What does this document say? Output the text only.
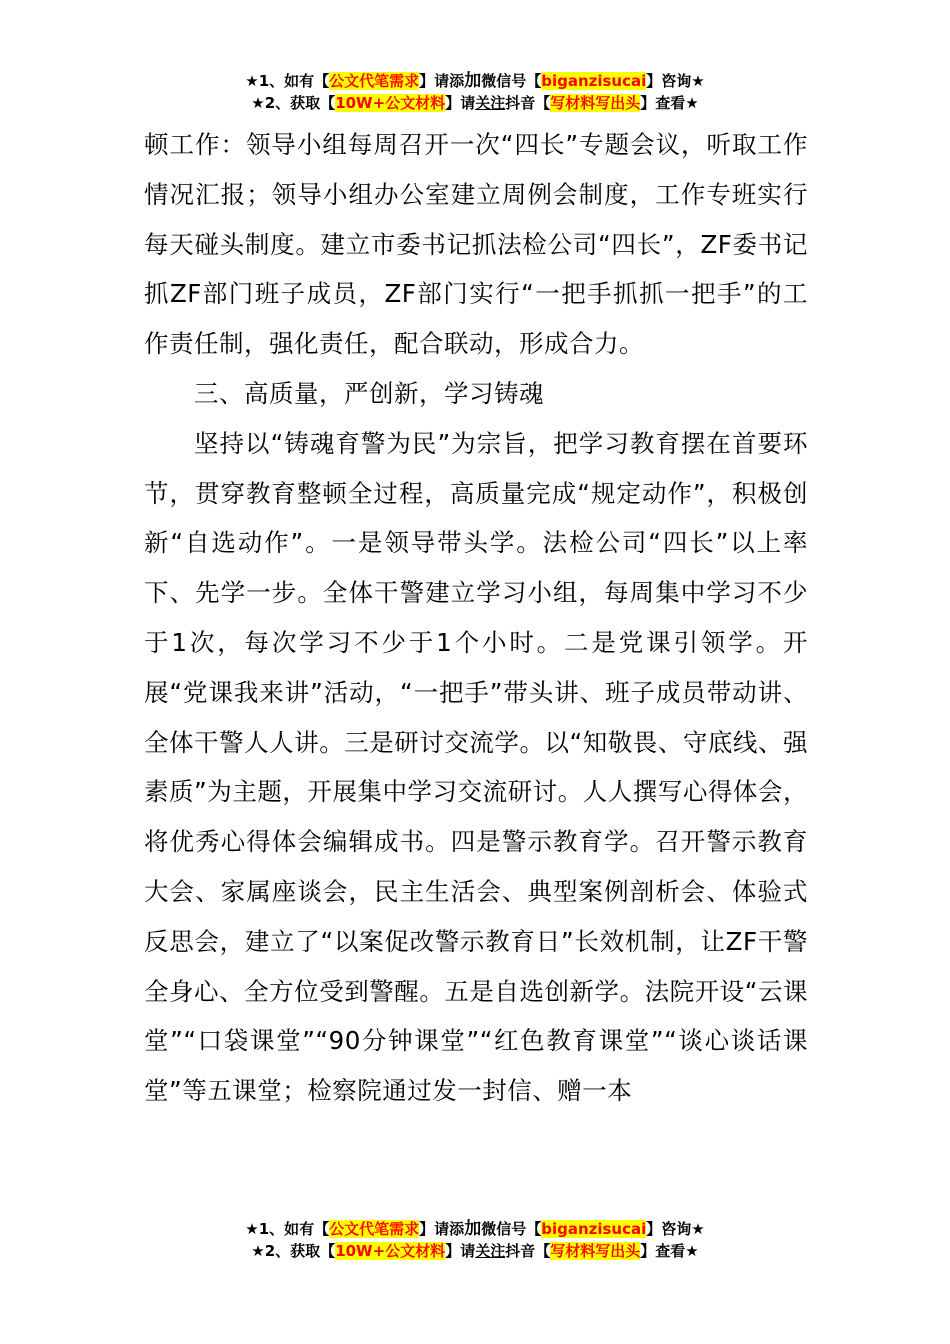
★1、如有【公文代笔需求】请添加微信号【biganzisucai】咨询★
★2、获取【10W+公文材料】请关注抖音【写材料写出头】查看★

顿工作：领导小组每周召开一次“四长”专题会议，听取工作情况汇报；领导小组办公室建立周例会制度，工作专班实行每天碰头制度。建立市委书记抓法检公司“四长”，ZF委书记抓ZF部门班子成员，ZF部门实行“一把手抓抓一把手”的工作责任制，强化责任，配合联动，形成合力。

三、高质量，严创新，学习铸魂

坚持以“铸魂育警为民”为宗旨，把学习教育摆在首要环节，贯穿教育整顿全过程，高质量完成“规定动作”，积极创新“自选动作”。一是领导带头学。法检公司“四长”以上率下、先学一步。全体干警建立学习小组，每周集中学习不少于1次，每次学习不少于1个小时。二是党课引领学。开展“党课我来讲”活动，“一把手”带头讲、班子成员带动讲、全体干警人人讲。三是研讨交流学。以“知敬畏、守底线、强素质”为主题，开展集中学习交流研讨。人人撰写心得体会，将优秀心得体会编辑成书。四是警示教育学。召开警示教育大会、家属座谈会，民主生活会、典型案例剖析会、体验式反思会，建立了“以案促改警示教育日”长效机制，让ZF干警全身心、全方位受到警醒。五是自选创新学。法院开设“云课堂”“口袋课堂”“90分钟课堂”“红色教育课堂”“谈心谈话课堂”等五课堂；检察院通过发一封信、赠一本

★1、如有【公文代笔需求】请添加微信号【biganzisucai】咨询★
★2、获取【10W+公文材料】请关注抖音【写材料写出头】查看★
